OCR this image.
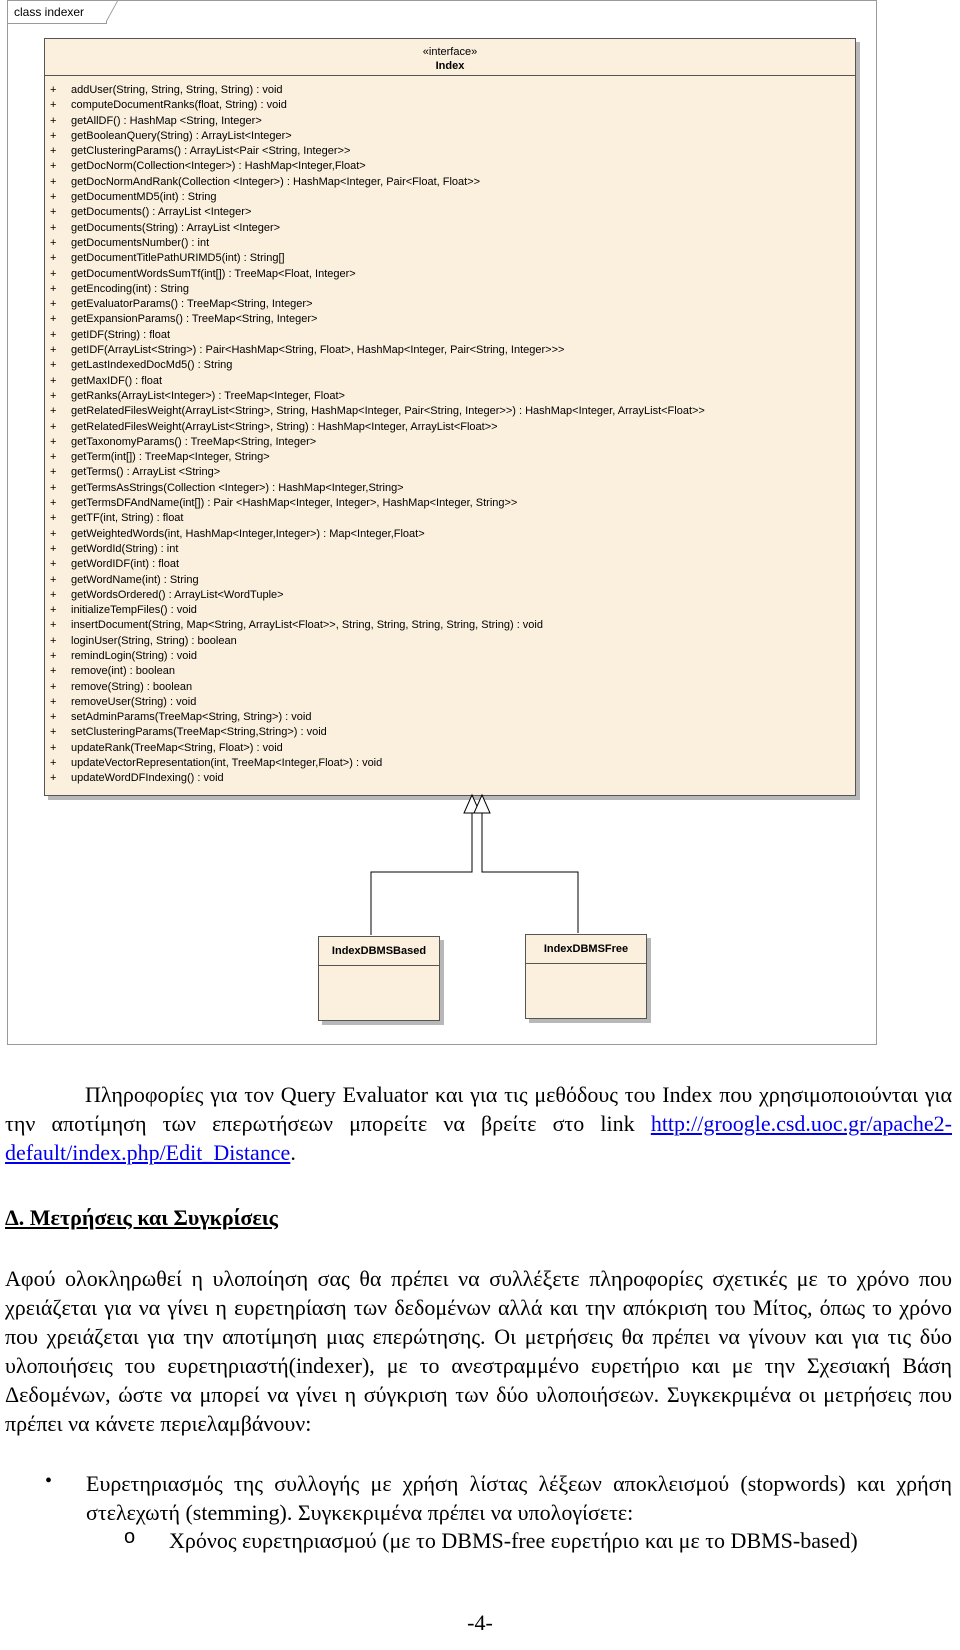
class indexer
«interface»
Index
+	addUser(String, String, String, String) : void
+	computeDocumentRanks(float, String) : void
+	getAllDF() : HashMap <String, Integer>
+	getBooleanQuery(String) : ArrayList<Integer>
+	getClusteringParams() : ArrayList<Pair <String, Integer>>
+	getDocNorm(Collection<Integer>) : HashMap<Integer,Float>
+	getDocNormAndRank(Collection <Integer>) : HashMap<Integer, Pair<Float, Float>>
+	getDocumentMD5(int) : String
+	getDocuments() : ArrayList <Integer>
+	getDocuments(String) : ArrayList <Integer>
+	getDocumentsNumber() : int
+	getDocumentTitlePathURIMD5(int) : String[]
+	getDocumentWordsSumTf(int[]) : TreeMap<Float, Integer>
+	getEncoding(int) : String
+	getEvaluatorParams() : TreeMap<String, Integer>
+	getExpansionParams() : TreeMap<String, Integer>
+	getIDF(String) : float
+	getIDF(ArrayList<String>) : Pair<HashMap<String, Float>, HashMap<Integer, Pair<String, Integer>>>
+	getLastIndexedDocMd5() : String
+	getMaxIDF() : float
+	getRanks(ArrayList<Integer>) : TreeMap<Integer, Float>
+	getRelatedFilesWeight(ArrayList<String>, String, HashMap<Integer, Pair<String, Integer>>) : HashMap<Integer, ArrayList<Float>>
+	getRelatedFilesWeight(ArrayList<String>, String) : HashMap<Integer, ArrayList<Float>>
+	getTaxonomyParams() : TreeMap<String, Integer>
+	getTerm(int[]) : TreeMap<Integer, String>
+	getTerms() : ArrayList <String>
+	getTermsAsStrings(Collection <Integer>) : HashMap<Integer,String>
+	getTermsDFAndName(int[]) : Pair <HashMap<Integer, Integer>, HashMap<Integer, String>>
+	getTF(int, String) : float
+	getWeightedWords(int, HashMap<Integer,Integer>) : Map<Integer,Float>
+	getWordId(String) : int
+	getWordIDF(int) : float
+	getWordName(int) : String
+	getWordsOrdered() : ArrayList<WordTuple>
+	initializeTempFiles() : void
+	insertDocument(String, Map<String, ArrayList<Float>>, String, String, String, String, String) : void
+	loginUser(String, String) : boolean
+	remindLogin(String) : void
+	remove(int) : boolean
+	remove(String) : boolean
+	removeUser(String) : void
+	setAdminParams(TreeMap<String, String>) : void
+	setClusteringParams(TreeMap<String,String>) : void
+	updateRank(TreeMap<String, Float>) : void
+	updateVectorRepresentation(int, TreeMap<Integer,Float>) : void
+	updateWordDFIndexing() : void
IndexDBMSBased	IndexDBMSFree

Πληροφορίες για τον Query Evaluator και για τις μεθόδους του Index που χρησιμοποιούνται για την αποτίμηση των επερωτήσεων μπορείτε να βρείτε στο link http://groogle.csd.uoc.gr/apache2-default/index.php/Edit_Distance.

Δ. Μετρήσεις και Συγκρίσεις

Αφού ολοκληρωθεί η υλοποίηση σας θα πρέπει να συλλέξετε πληροφορίες σχετικές με το χρόνο που χρειάζεται για να γίνει η ευρετηρίαση των δεδομένων αλλά και την απόκριση του Μίτος, όπως το χρόνο που χρειάζεται για την αποτίμηση μιας επερώτησης. Οι μετρήσεις θα πρέπει να γίνουν και για τις δύο υλοποιήσεις του ευρετηριαστή(indexer), με το ανεστραμμένο ευρετήριο και με την Σχεσιακή Βάση Δεδομένων, ώστε να μπορεί να γίνει η σύγκριση των δύο υλοποιήσεων. Συγκεκριμένα οι μετρήσεις που πρέπει να κάνετε περιελαμβάνουν:

•	Ευρετηριασμός της συλλογής με χρήση λίστας λέξεων αποκλεισμού (stopwords) και χρήση στελεχωτή (stemming). Συγκεκριμένα πρέπει να υπολογίσετε:

o Χρόνος ευρετηριασμού (με το DBMS-free ευρετήριο και με το DBMS-based)

-4-
